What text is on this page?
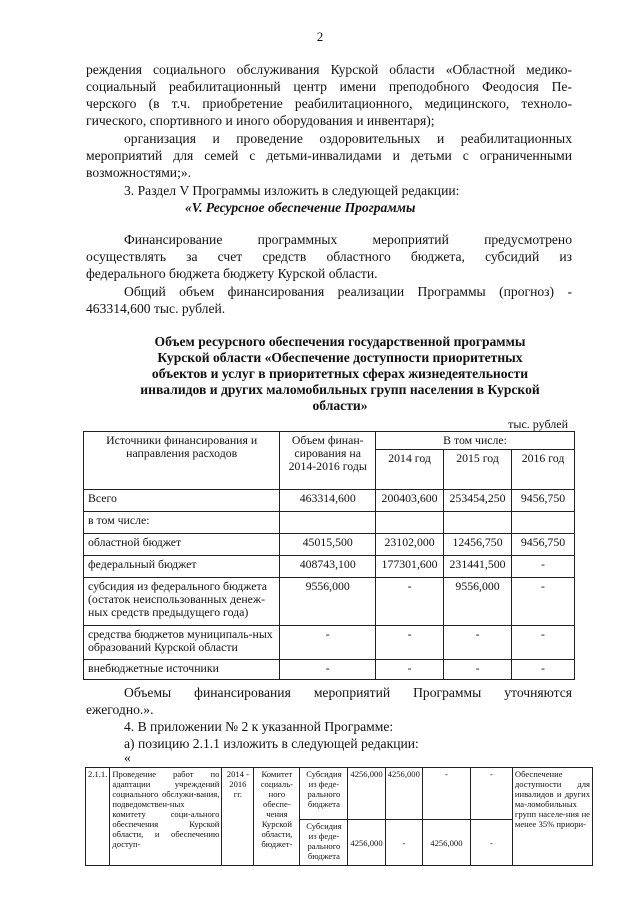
2
реждения социального обслуживания Курской области «Областной медико-
социальный реабилитационный центр имени преподобного Феодосия Пе-
черского (в т.ч. приобретение реабилитационного, медицинского, техноло-
гического, спортивного и иного оборудования и инвентаря);
организация и проведение оздоровительных и реабилитационных
мероприятий для семей с детьми-инвалидами и детьми с ограниченными
возможностями;».
3. Раздел V Программы изложить в следующей редакции:
«V. Ресурсное обеспечение Программы
Финансирование программных мероприятий предусмотрено
осуществлять за счет средств областного бюджета, субсидий из
федерального бюджета бюджету Курской области.
Общий объем финансирования реализации Программы (прогноз) -
463314,600 тыс. рублей.
Объем ресурсного обеспечения государственной программы
Курской области «Обеспечение доступности приоритетных
объектов и услуг в приоритетных сферах жизнедеятельности
инвалидов и других маломобильных групп населения в Курской
области»
тыс. рублей
Источники финансирования и направления расходов	Объем финан-сирования на 2014-2016 годы	В том числе:		
		2014 год	2015 год	2016 год
Всего	463314,600	200403,600	253454,250	9456,750
в том числе:				
областной бюджет	45015,500	23102,000	12456,750	9456,750
федеральный бюджет	408743,100	177301,600	231441,500	-
субсидия из федерального бюджета (остаток неиспользованных денеж-ных средств предыдущего года)	9556,000	-	9556,000	-
средства бюджетов муниципаль-ных образований Курской области	-	-	-	-
внебюджетные источники	-	-	-	-
Объемы финансирования мероприятий Программы уточняются
ежегодно.».
4. В приложении № 2 к указанной Программе:
а) позицию 2.1.1 изложить в следующей редакции:
«
2.1.1.	Проведение работ по адаптации учреждений социального обслужи-вания, подведомствен-ных комитету соци-ального обеспечения Курской области, и обеспечению доступ-	2014 - 2016 гг.	Комитет социаль-ного обеспе-чения Курской области, бюджет-	Субсидия из феде-рального бюджета	4256,000	4256,000	-	-	Обеспечение доступности для инвалидов и других ма-ломобильных групп населе-ния не менее 35% приори-
				Субсидия из феде-рального бюджета	4256,000	-	4256,000	-	
